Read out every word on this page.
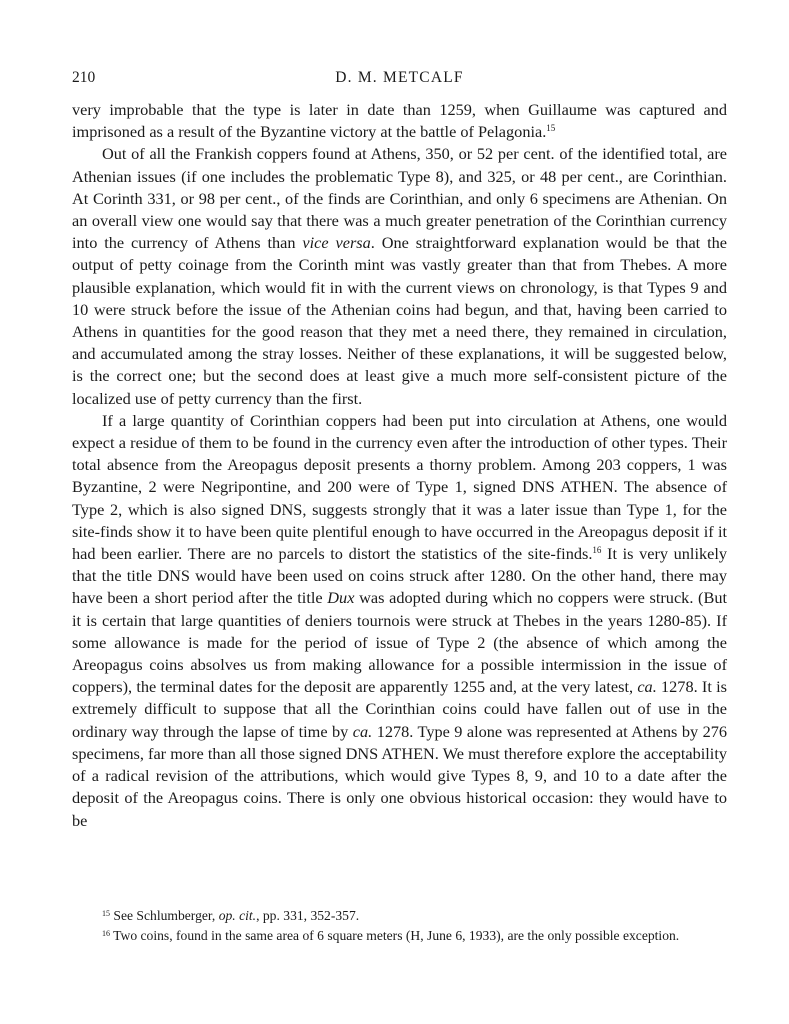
210	D. M. METCALF

very improbable that the type is later in date than 1259, when Guillaume was captured and imprisoned as a result of the Byzantine victory at the battle of Pelagonia.$^{15}$

Out of all the Frankish coppers found at Athens, 350, or 52 per cent. of the identified total, are Athenian issues (if one includes the problematic Type 8), and 325, or 48 per cent., are Corinthian. At Corinth 331, or 98 per cent., of the finds are Corinthian, and only 6 specimens are Athenian. On an overall view one would say that there was a much greater penetration of the Corinthian currency into the currency of Athens than vice versa. One straightforward explanation would be that the output of petty coinage from the Corinth mint was vastly greater than that from Thebes. A more plausible explanation, which would fit in with the current views on chronology, is that Types 9 and 10 were struck before the issue of the Athenian coins had begun, and that, having been carried to Athens in quantities for the good reason that they met a need there, they remained in circulation, and accumulated among the stray losses. Neither of these explanations, it will be suggested below, is the correct one; but the second does at least give a much more self-consistent picture of the localized use of petty currency than the first.

If a large quantity of Corinthian coppers had been put into circulation at Athens, one would expect a residue of them to be found in the currency even after the introduction of other types. Their total absence from the Areopagus deposit presents a thorny problem. Among 203 coppers, 1 was Byzantine, 2 were Negripontine, and 200 were of Type 1, signed DNS ATHEN. The absence of Type 2, which is also signed DNS, suggests strongly that it was a later issue than Type 1, for the site-finds show it to have been quite plentiful enough to have occurred in the Areopagus deposit if it had been earlier. There are no parcels to distort the statistics of the site-finds.$^{16}$ It is very unlikely that the title DNS would have been used on coins struck after 1280. On the other hand, there may have been a short period after the title Dux was adopted during which no coppers were struck. (But it is certain that large quantities of deniers tournois were struck at Thebes in the years 1280-85). If some allowance is made for the period of issue of Type 2 (the absence of which among the Areopagus coins absolves us from making allowance for a possible intermission in the issue of coppers), the terminal dates for the deposit are apparently 1255 and, at the very latest, ca. 1278. It is extremely difficult to suppose that all the Corinthian coins could have fallen out of use in the ordinary way through the lapse of time by ca. 1278. Type 9 alone was represented at Athens by 276 specimens, far more than all those signed DNS ATHEN. We must therefore explore the acceptability of a radical revision of the attributions, which would give Types 8, 9, and 10 to a date after the deposit of the Areopagus coins. There is only one obvious historical occasion: they would have to be

$^{15}$ See Schlumberger, op. cit., pp. 331, 352-357.

$^{16}$ Two coins, found in the same area of 6 square meters (H, June 6, 1933), are the only possible exception.
